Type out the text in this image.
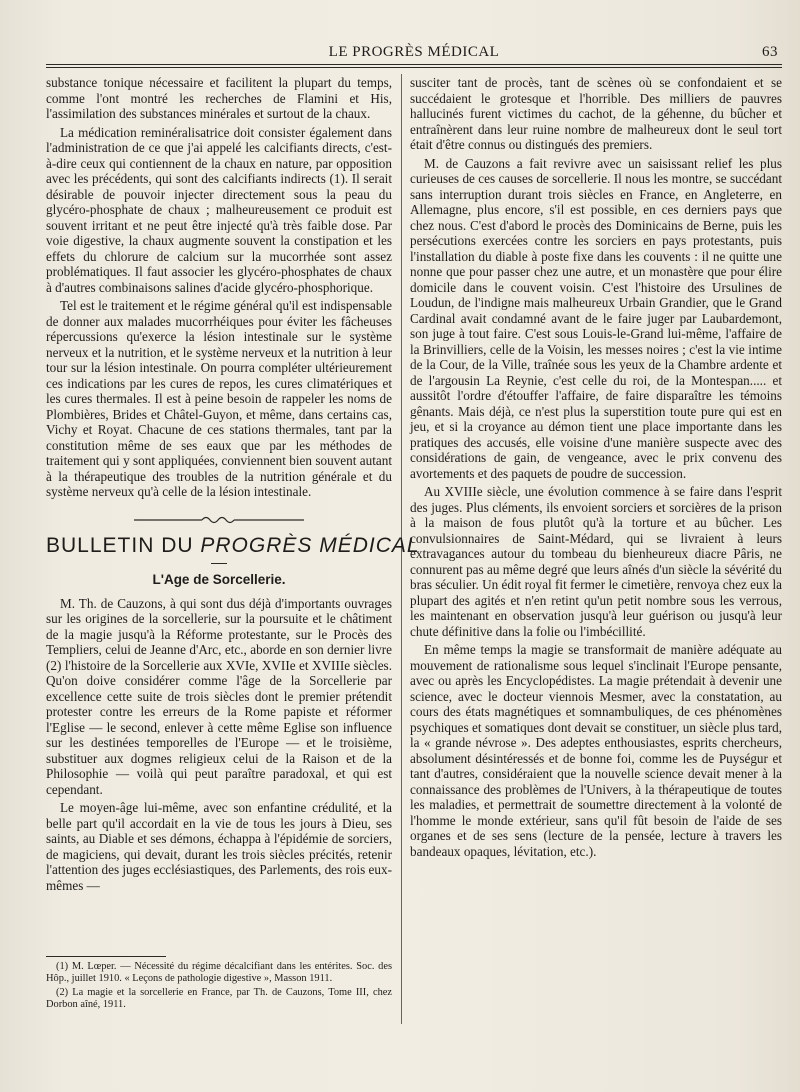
LE PROGRÈS MÉDICAL	63

substance tonique nécessaire et facilitent la plupart du temps, comme l'ont montré les recherches de Flamini et His, l'assimilation des substances minérales et surtout de la chaux.

La médication reminéralisatrice doit consister également dans l'administration de ce que j'ai appelé les calcifiants directs, c'est-à-dire ceux qui contiennent de la chaux en nature, par opposition avec les précédents, qui sont des calcifiants indirects (1). Il serait désirable de pouvoir injecter directement sous la peau du glycéro-phosphate de chaux ; malheureusement ce produit est souvent irritant et ne peut être injecté qu'à très faible dose. Par voie digestive, la chaux augmente souvent la constipation et les effets du chlorure de calcium sur la mucorrhée sont assez problématiques. Il faut associer les glycéro-phosphates de chaux à d'autres combinaisons salines d'acide glycéro-phosphorique.

Tel est le traitement et le régime général qu'il est indispensable de donner aux malades mucorrhéiques pour éviter les fâcheuses répercussions qu'exerce la lésion intestinale sur le système nerveux et la nutrition, et le système nerveux et la nutrition à leur tour sur la lésion intestinale. On pourra compléter ultérieurement ces indications par les cures de repos, les cures climatériques et les cures thermales. Il est à peine besoin de rappeler les noms de Plombières, Brides et Châtel-Guyon, et même, dans certains cas, Vichy et Royat. Chacune de ces stations thermales, tant par la constitution même de ses eaux que par les méthodes de traitement qui y sont appliquées, conviennent bien souvent autant à la thérapeutique des troubles de la nutrition générale et du système nerveux qu'à celle de la lésion intestinale.

BULLETIN DU PROGRÈS MÉDICAL
L'Age de Sorcellerie.

M. Th. de Cauzons, à qui sont dus déjà d'importants ouvrages sur les origines de la sorcellerie, sur la poursuite et le châtiment de la magie jusqu'à la Réforme protestante, sur le Procès des Templiers, celui de Jeanne d'Arc, etc., aborde en son dernier livre (2) l'histoire de la Sorcellerie aux XVIe, XVIIe et XVIIIe siècles. Qu'on doive considérer comme l'âge de la Sorcellerie par excellence cette suite de trois siècles dont le premier prétendit protester contre les erreurs de la Rome papiste et réformer l'Eglise — le second, enlever à cette même Eglise son influence sur les destinées temporelles de l'Europe — et le troisième, substituer aux dogmes religieux celui de la Raison et de la Philosophie — voilà qui peut paraître paradoxal, et qui est cependant.

Le moyen-âge lui-même, avec son enfantine crédulité, et la belle part qu'il accordait en la vie de tous les jours à Dieu, ses saints, au Diable et ses démons, échappa à l'épidémie de sorciers, de magiciens, qui devait, durant les trois siècles précités, retenir l'attention des juges ecclésiastiques, des Parlements, des rois eux-mêmes —

(1) M. Lœper. — Nécessité du régime décalcifiant dans les entérites. Soc. des Hôp., juillet 1910. « Leçons de pathologie digestive », Masson 1911.

(2) La magie et la sorcellerie en France, par Th. de Cauzons, Tome III, chez Dorbon aîné, 1911.

susciter tant de procès, tant de scènes où se confondaient et se succédaient le grotesque et l'horrible. Des milliers de pauvres hallucinés furent victimes du cachot, de la géhenne, du bûcher et entraînèrent dans leur ruine nombre de malheureux dont le seul tort était d'être connus ou distingués des premiers.

M. de Cauzons a fait revivre avec un saisissant relief les plus curieuses de ces causes de sorcellerie. Il nous les montre, se succédant sans interruption durant trois siècles en France, en Angleterre, en Allemagne, plus encore, s'il est possible, en ces derniers pays que chez nous. C'est d'abord le procès des Dominicains de Berne, puis les persécutions exercées contre les sorciers en pays protestants, puis l'installation du diable à poste fixe dans les couvents : il ne quitte une nonne que pour passer chez une autre, et un monastère que pour élire domicile dans le couvent voisin. C'est l'histoire des Ursulines de Loudun, de l'indigne mais malheureux Urbain Grandier, que le Grand Cardinal avait condamné avant de le faire juger par Laubardemont, son juge à tout faire. C'est sous Louis-le-Grand lui-même, l'affaire de la Brinvilliers, celle de la Voisin, les messes noires ; c'est la vie intime de la Cour, de la Ville, traînée sous les yeux de la Chambre ardente et de l'argousin La Reynie, c'est celle du roi, de la Montespan..... et aussitôt l'ordre d'étouffer l'affaire, de faire disparaître les témoins gênants. Mais déjà, ce n'est plus la superstition toute pure qui est en jeu, et si la croyance au démon tient une place importante dans les pratiques des accusés, elle voisine d'une manière suspecte avec des considérations de gain, de vengeance, avec le prix convenu des avortements et des paquets de poudre de succession.

Au XVIIIe siècle, une évolution commence à se faire dans l'esprit des juges. Plus cléments, ils envoient sorciers et sorcières de la prison à la maison de fous plutôt qu'à la torture et au bûcher. Les convulsionnaires de Saint-Médard, qui se livraient à leurs extravagances autour du tombeau du bienheureux diacre Pâris, ne connurent pas au même degré que leurs aînés d'un siècle la sévérité du bras séculier. Un édit royal fit fermer le cimetière, renvoya chez eux la plupart des agités et n'en retint qu'un petit nombre sous les verrous, les maintenant en observation jusqu'à leur guérison ou jusqu'à leur chute définitive dans la folie ou l'imbécillité.

En même temps la magie se transformait de manière adéquate au mouvement de rationalisme sous lequel s'inclinait l'Europe pensante, avec ou après les Encyclopédistes. La magie prétendait à devenir une science, avec le docteur viennois Mesmer, avec la constatation, au cours des états magnétiques et somnambuliques, de ces phénomènes psychiques et somatiques dont devait se constituer, un siècle plus tard, la « grande névrose ». Des adeptes enthousiastes, esprits chercheurs, absolument désintéressés et de bonne foi, comme les de Puységur et tant d'autres, considéraient que la nouvelle science devait mener à la connaissance des problèmes de l'Univers, à la thérapeutique de toutes les maladies, et permettrait de soumettre directement à la volonté de l'homme le monde extérieur, sans qu'il fût besoin de l'aide de ses organes et de ses sens (lecture de la pensée, lecture à travers les bandeaux opaques, lévitation, etc.).
